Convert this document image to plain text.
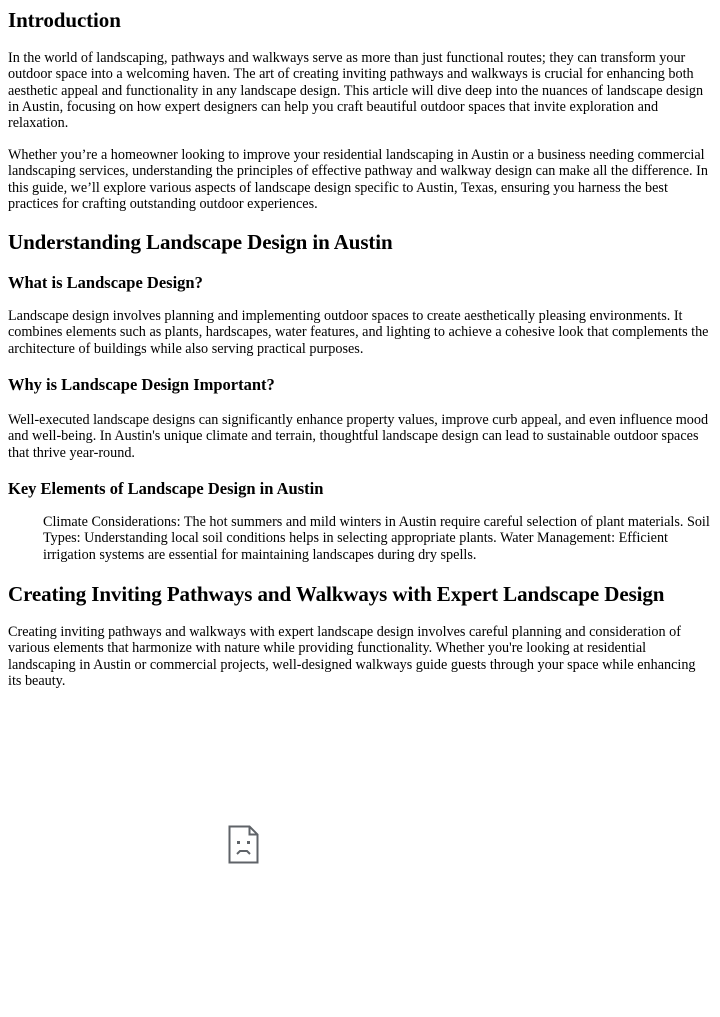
Introduction

In the world of landscaping, pathways and walkways serve as more than just functional routes; they can transform your outdoor space into a welcoming haven. The art of creating inviting pathways and walkways is crucial for enhancing both aesthetic appeal and functionality in any landscape design. This article will dive deep into the nuances of landscape design in Austin, focusing on how expert designers can help you craft beautiful outdoor spaces that invite exploration and relaxation.

Whether you’re a homeowner looking to improve your residential landscaping in Austin or a business needing commercial landscaping services, understanding the principles of effective pathway and walkway design can make all the difference. In this guide, we’ll explore various aspects of landscape design specific to Austin, Texas, ensuring you harness the best practices for crafting outstanding outdoor experiences.

Understanding Landscape Design in Austin
What is Landscape Design?

Landscape design involves planning and implementing outdoor spaces to create aesthetically pleasing environments. It combines elements such as plants, hardscapes, water features, and lighting to achieve a cohesive look that complements the architecture of buildings while also serving practical purposes.

Why is Landscape Design Important?

Well-executed landscape designs can significantly enhance property values, improve curb appeal, and even influence mood and well-being. In Austin's unique climate and terrain, thoughtful landscape design can lead to sustainable outdoor spaces that thrive year-round.

Key Elements of Landscape Design in Austin

Climate Considerations: The hot summers and mild winters in Austin require careful selection of plant materials. Soil Types: Understanding local soil conditions helps in selecting appropriate plants. Water Management: Efficient irrigation systems are essential for maintaining landscapes during dry spells.

Creating Inviting Pathways and Walkways with Expert Landscape Design

Creating inviting pathways and walkways with expert landscape design involves careful planning and consideration of various elements that harmonize with nature while providing functionality. Whether you're looking at residential landscaping in Austin or commercial projects, well-designed walkways guide guests through your space while enhancing its beauty.
